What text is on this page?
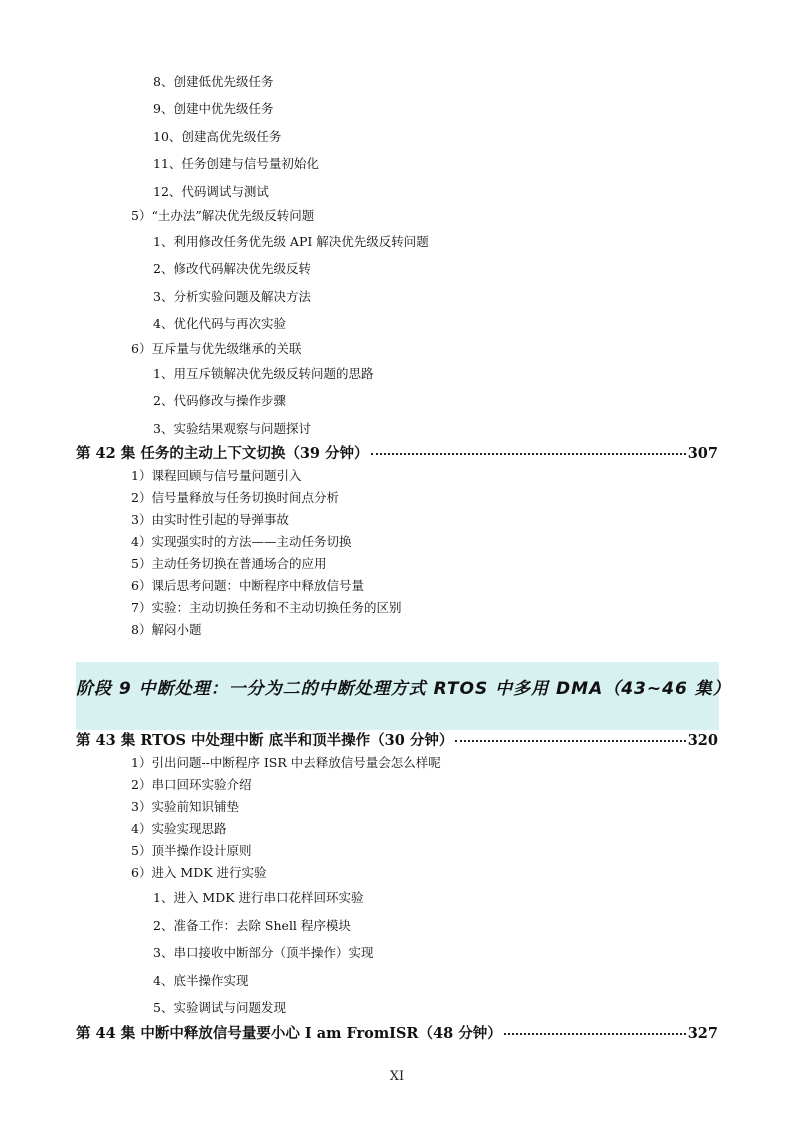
8、创建低优先级任务
9、创建中优先级任务
10、创建高优先级任务
11、任务创建与信号量初始化
12、代码调试与测试
5）“土办法”解决优先级反转问题
1、利用修改任务优先级 API 解决优先级反转问题
2、修改代码解决优先级反转
3、分析实验问题及解决方法
4、优化代码与再次实验
6）互斥量与优先级继承的关联
1、用互斥锁解决优先级反转问题的思路
2、代码修改与操作步骤
3、实验结果观察与问题探讨
第 42 集 任务的主动上下文切换（39 分钟）	307
1）课程回顾与信号量问题引入
2）信号量释放与任务切换时间点分析
3）由实时性引起的导弹事故
4）实现强实时的方法——主动任务切换
5）主动任务切换在普通场合的应用
6）课后思考问题：中断程序中释放信号量
7）实验：主动切换任务和不主动切换任务的区别
8）解闷小题
阶段 9 中断处理：一分为二的中断处理方式 RTOS 中多用 DMA（43~46 集）
第 43 集 RTOS 中处理中断 底半和顶半操作（30 分钟）	320
1）引出问题--中断程序 ISR 中去释放信号量会怎么样呢
2）串口回环实验介绍
3）实验前知识铺垫
4）实验实现思路
5）顶半操作设计原则
6）进入 MDK 进行实验
1、进入 MDK 进行串口花样回环实验
2、准备工作：去除 Shell 程序模块
3、串口接收中断部分（顶半操作）实现
4、底半操作实现
5、实验调试与问题发现
第 44 集 中断中释放信号量要小心 I am FromISR（48 分钟）	327
XI
